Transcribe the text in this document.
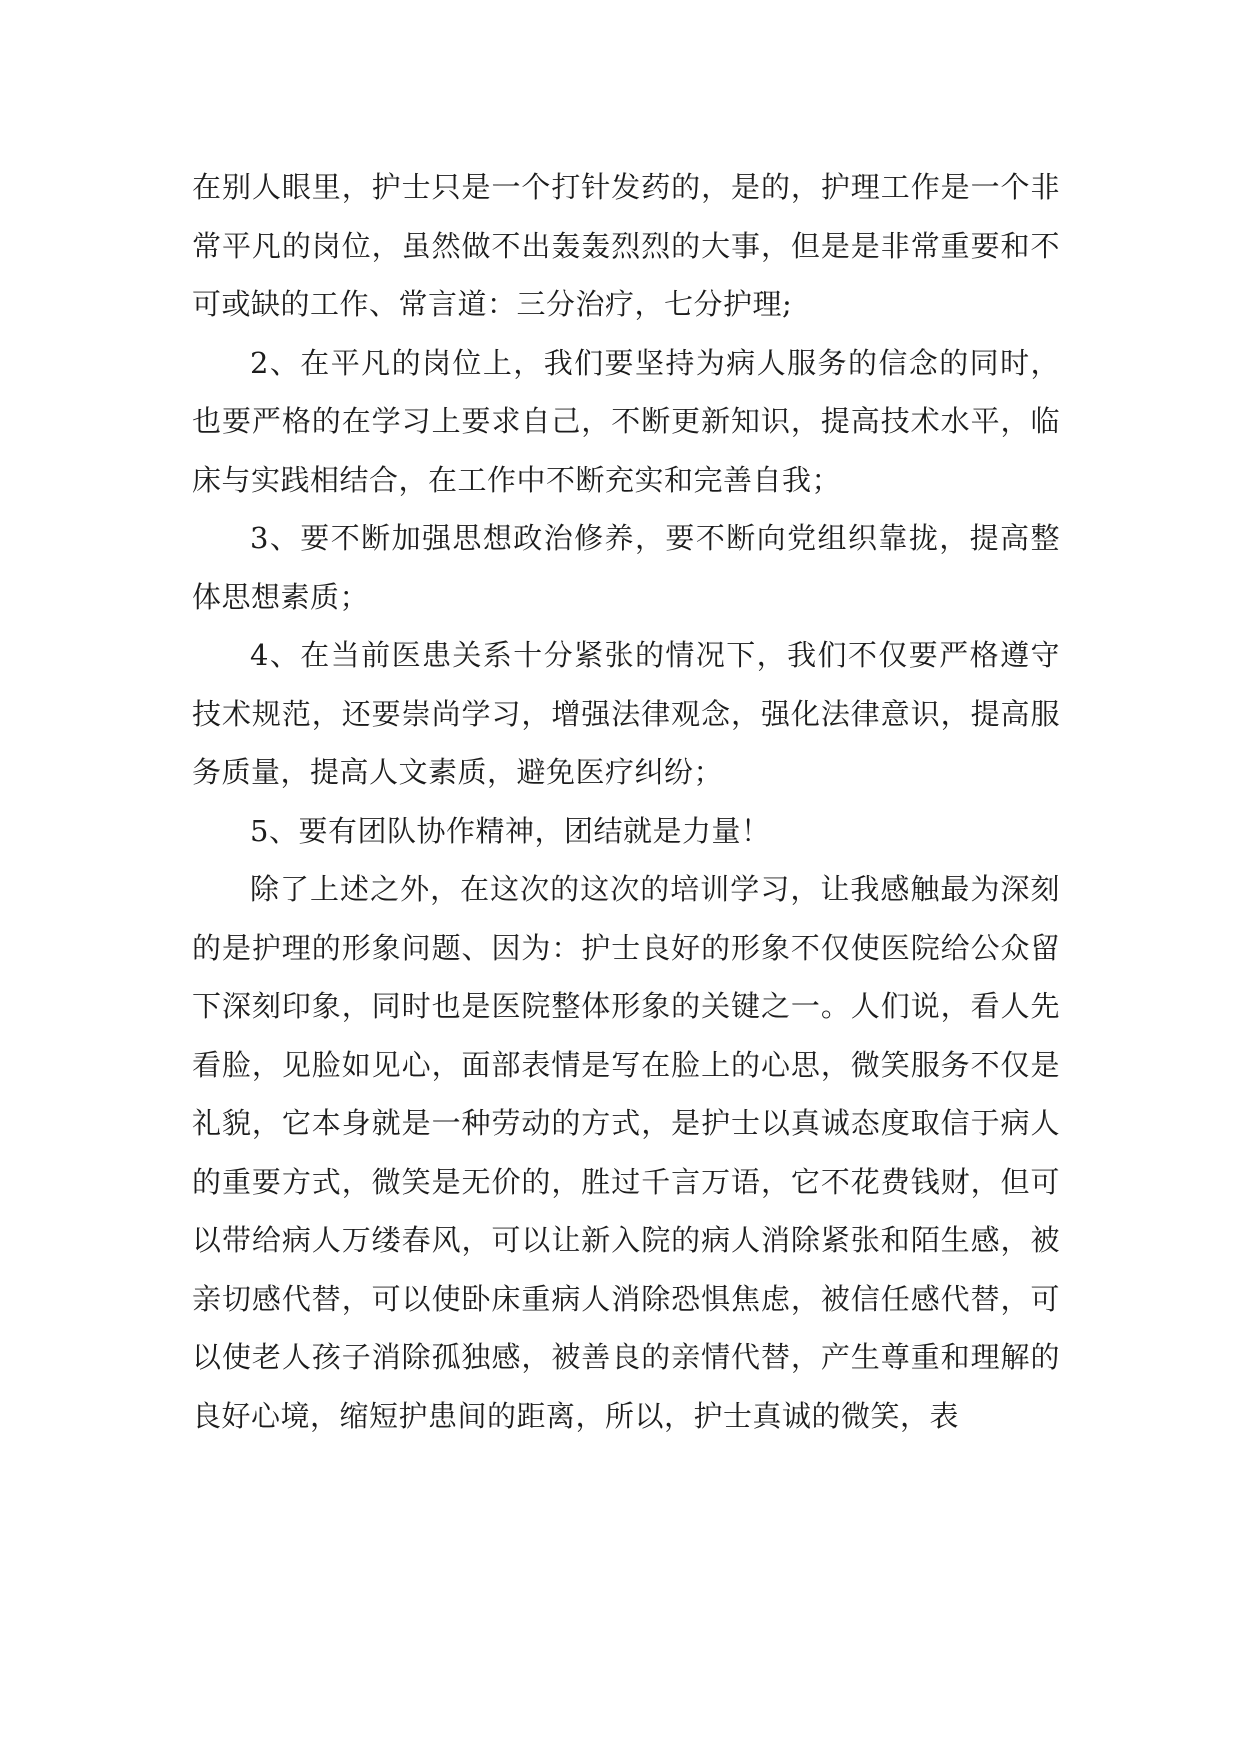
在别人眼里，护士只是一个打针发药的，是的，护理工作是一个非常平凡的岗位，虽然做不出轰轰烈烈的大事，但是是非常重要和不可或缺的工作、常言道：三分治疗，七分护理;

2、在平凡的岗位上，我们要坚持为病人服务的信念的同时，也要严格的在学习上要求自己，不断更新知识，提高技术水平，临床与实践相结合，在工作中不断充实和完善自我；

3、要不断加强思想政治修养，要不断向党组织靠拢，提高整体思想素质；

4、在当前医患关系十分紧张的情况下，我们不仅要严格遵守技术规范，还要崇尚学习，增强法律观念，强化法律意识，提高服务质量，提高人文素质，避免医疗纠纷；

5、要有团队协作精神，团结就是力量！

除了上述之外，在这次的这次的培训学习，让我感触最为深刻的是护理的形象问题、因为：护士良好的形象不仅使医院给公众留下深刻印象，同时也是医院整体形象的关键之一。人们说，看人先看脸，见脸如见心，面部表情是写在脸上的心思，微笑服务不仅是礼貌，它本身就是一种劳动的方式，是护士以真诚态度取信于病人的重要方式，微笑是无价的，胜过千言万语，它不花费钱财，但可以带给病人万缕春风，可以让新入院的病人消除紧张和陌生感，被亲切感代替，可以使卧床重病人消除恐惧焦虑，被信任感代替，可以使老人孩子消除孤独感，被善良的亲情代替，产生尊重和理解的良好心境，缩短护患间的距离，所以，护士真诚的微笑，表
